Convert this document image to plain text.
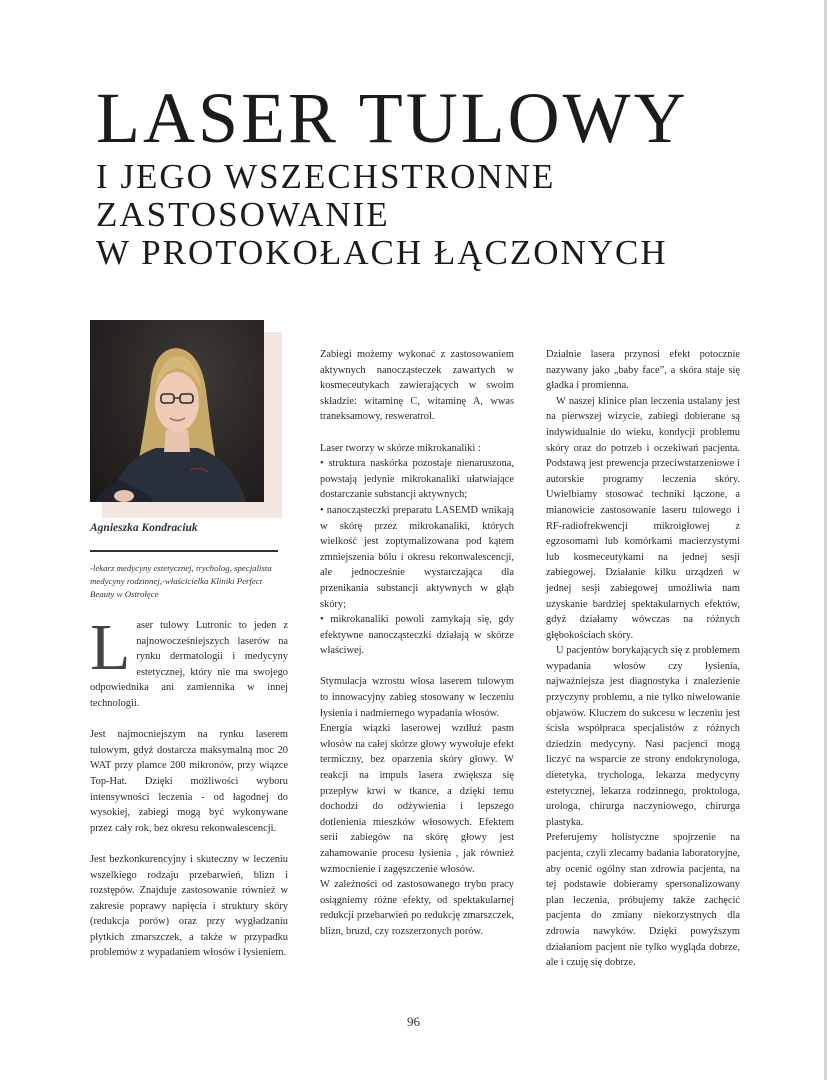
LASER TULOWY
I JEGO WSZECHSTRONNE
ZASTOSOWANIE
W PROTOKOŁACH ŁĄCZONYCH
Agnieszka Kondraciuk
-lekarz medycyny estetycznej, trycholog, specjalista medycyny rodzinnej,-właścicielka Kliniki Perfect Beauty w Ostrołęce
L aser tulowy Lutronic to jeden z najnowocześniejszych laserów na rynku dermatologii i medycyny estetycznej, który nie ma swojego odpowiednika ani zamiennika w innej technologii.

Jest najmocniejszym na rynku laserem tulowym, gdyż dostarcza maksymalną moc 20 WAT przy plamce 200 mikronów, przy wiązce Top-Hat. Dzięki możliwości wyboru intensywności leczenia - od łagodnej do wysokiej, zabiegi mogą być wykonywane przez cały rok, bez okresu rekonwalescencji.

Jest bezkonkurencyjny i skuteczny w leczeniu wszelkiego rodzaju przebarwień, blizn i rozstępów. Znajduje zastosowanie również w zakresie poprawy napięcia i struktury skóry (redukcja porów) oraz przy wygładzaniu płytkich zmarszczek, a także w przypadku problemów z wypadaniem włosów i łysieniem.

Zabiegi możemy wykonać z zastosowaniem aktywnych nanocząsteczek zawartych w kosmeceutykach zawierających w swoim składzie: witaminę C, witaminę A, wwas traneksamowy, resweratrol.

Laser tworzy w skórze mikrokanaliki :

• struktura naskórka pozostaje nienaruszona, powstają jedynie mikrokanaliki ułatwiające dostarczanie substancji aktywnych;

• nanocząsteczki preparatu LASEMD wnikają w skórę przez mikrokanaliki, których wielkość jest zoptymalizowana pod kątem zmniejszenia bólu i okresu rekonwalescencji, ale jednocześnie wystarczająca dla przenikania substancji aktywnych w głąb skóry;

• mikrokanaliki powoli zamykają się, gdy efektywne nanocząsteczki działają w skórze właściwej.

Stymulacja wzrostu włosa laserem tulowym to innowacyjny zabieg stosowany w leczeniu łysienia i nadmiernego wypadania włosów.

Energia wiązki laserowej wzdłuż pasm włosów na całej skórze głowy wywołuje efekt termiczny, bez oparzenia skóry głowy. W reakcji na impuls lasera zwiększa się przepływ krwi w tkance, a dzięki temu dochodzi do odżywienia i lepszego dotlenienia mieszków włosowych. Efektem serii zabiegów na skórę głowy jest zahamowanie procesu łysienia , jak również wzmocnienie i zagęszczenie włosów.

W zależności od zastosowanego trybu pracy osiągniemy różne efekty, od spektakularnej redukcji przebarwień po redukcję zmarszczek, blizn, bruzd, czy rozszerzonych porów.

Działnie lasera przynosi efekt potocznie nazywany jako „baby face”, a skóra staje się gładka i promienna.

W naszej klinice plan leczenia ustalany jest na pierwszej wizycie, zabiegi dobierane są indywidualnie do wieku, kondycji problemu skóry oraz do potrzeb i oczekiwań pacjenta. Podstawą jest prewencja przeciwstarzeniowe i autorskie programy leczenia skóry. Uwielbiamy stosować techniki łączone, a mianowicie zastosowanie laseru tulowego i RF-radiofrekwencji mikroigłowej z egzosomami lub komórkami macierzystymi lub kosmeceutykami na jednej sesji zabiegowej. Działanie kilku urządzeń w jednej sesji zabiegowej umożliwia nam uzyskanie bardziej spektakularnych efektów, gdyż działamy wówczas na różnych głębokościach skóry.

U pacjentów borykających się z problemem wypadania włosów czy łysienia, najważniejsza jest diagnostyka i znalezienie przyczyny problemu, a nie tylko niwelowanie objawów. Kluczem do sukcesu w leczeniu jest ścisła współpraca specjalistów z różnych dziedzin medycyny. Nasi pacjenci mogą liczyć na wsparcie ze strony endokrynologa, dietetyka, trychologa, lekarza medycyny estetycznej, lekarza rodzinnego, proktologa, urologa, chirurga naczyniowego, chirurga plastyka.

Preferujemy holistyczne spojrzenie na pacjenta, czyli zlecamy badania laboratoryjne, aby ocenić ogólny stan zdrowia pacjenta, na tej podstawie dobieramy spersonalizowany plan leczenia, próbujemy także zachęcić pacjenta do zmiany niekorzystnych dla zdrowia nawyków. Dzięki powyższym działaniom pacjent nie tylko wygląda dobrze, ale i czuję się dobrze.

96
